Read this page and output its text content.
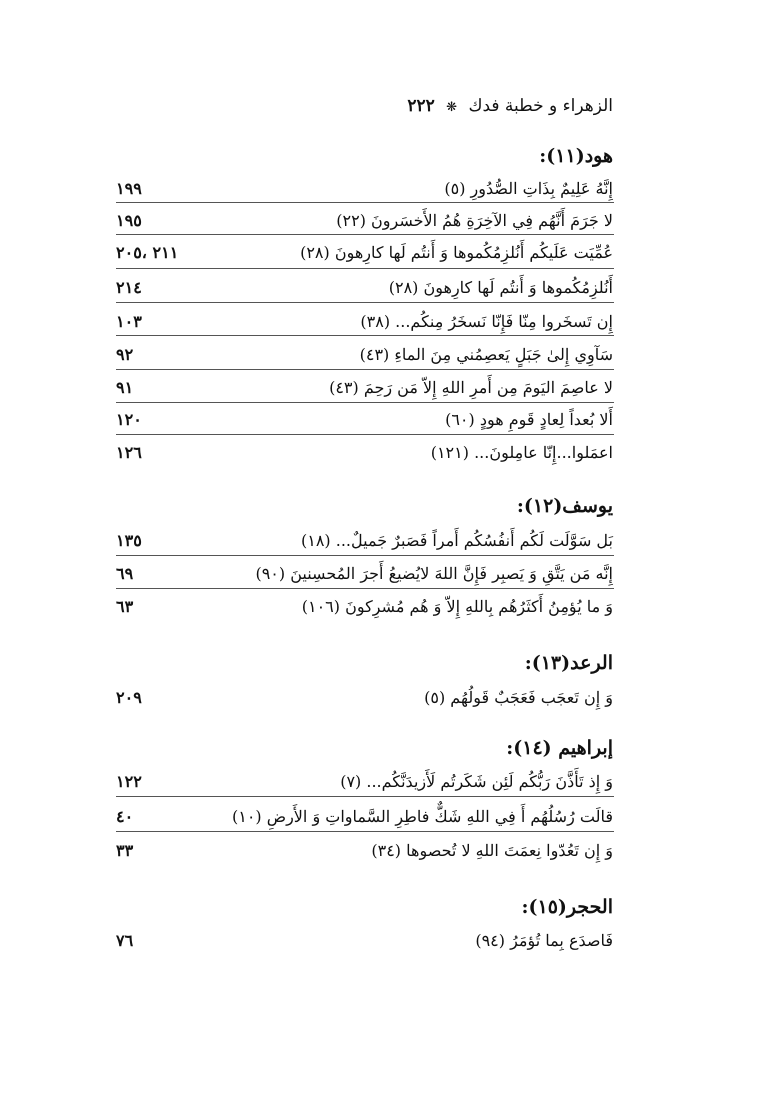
الزهراء و خطبة فدك ❋ ٢٢٢
هود(١١):
إِنَّهُ عَلِيمٌ بِذَاتِ الصُّدُورِ (٥)
١٩٩
لا جَرَمَ أَنَّهُم فِي الآخِرَةِ هُمُ الأَخسَرونَ (٢٢)
١٩٥
عُمِّيَت عَلَيكُم أَنُلزِمُكُموها وَ أَنتُم لَها كارِهونَ (٢٨)
٢١١ ،٢٠٥
أَنُلزِمُكُموها وَ أَنتُم لَها كارِهونَ (٢٨)
٢١٤
إِن تَسخَروا مِنّا فَإِنّا نَسخَرُ مِنكُم... (٣٨)
١٠٣
سَآوِي إِلىٰ جَبَلٍ يَعصِمُني مِنَ الماءِ (٤٣)
٩٢
لا عاصِمَ اليَومَ مِن أَمرِ اللهِ إِلاّ مَن رَحِمَ (٤٣)
٩١
أَلا بُعداً لِعادٍ قَومِ هودٍ (٦٠)
١٢٠
اعمَلوا...إِنّا عامِلونَ... (١٢١)
١٢٦
يوسف(١٢):
بَل سَوَّلَت لَكُم أَنفُسُكُم أَمراً فَصَبرٌ جَميلٌ... (١٨)
١٣٥
إِنَّه مَن يَتَّقِ وَ يَصبِر فَإِنَّ اللهَ لايُضيعُ أَجرَ المُحسِنينَ (٩٠)
٦٩
وَ ما يُؤمِنُ أَكثَرُهُم بِاللهِ إِلاّ وَ هُم مُشرِكونَ (١٠٦)
٦٣
الرعد(١٣):
وَ إِن تَعجَب فَعَجَبٌ قَولُهُم (٥)
٢٠٩
إبراهيم (١٤):
وَ إِذ تَأَذَّنَ رَبُّكُم لَئِن شَكَرتُم لَأَزيدَنَّكُم... (٧)
١٢٢
قالَت رُسُلُهُم أَ فِي اللهِ شَكٌّ فاطِرِ السَّماواتِ وَ الأَرضِ (١٠)
٤٠
وَ إِن تَعُدّوا نِعمَتَ اللهِ لا تُحصوها (٣٤)
٣٣
الحجر(١٥):
فَاصدَع بِما تُؤمَرُ (٩٤)
٧٦
